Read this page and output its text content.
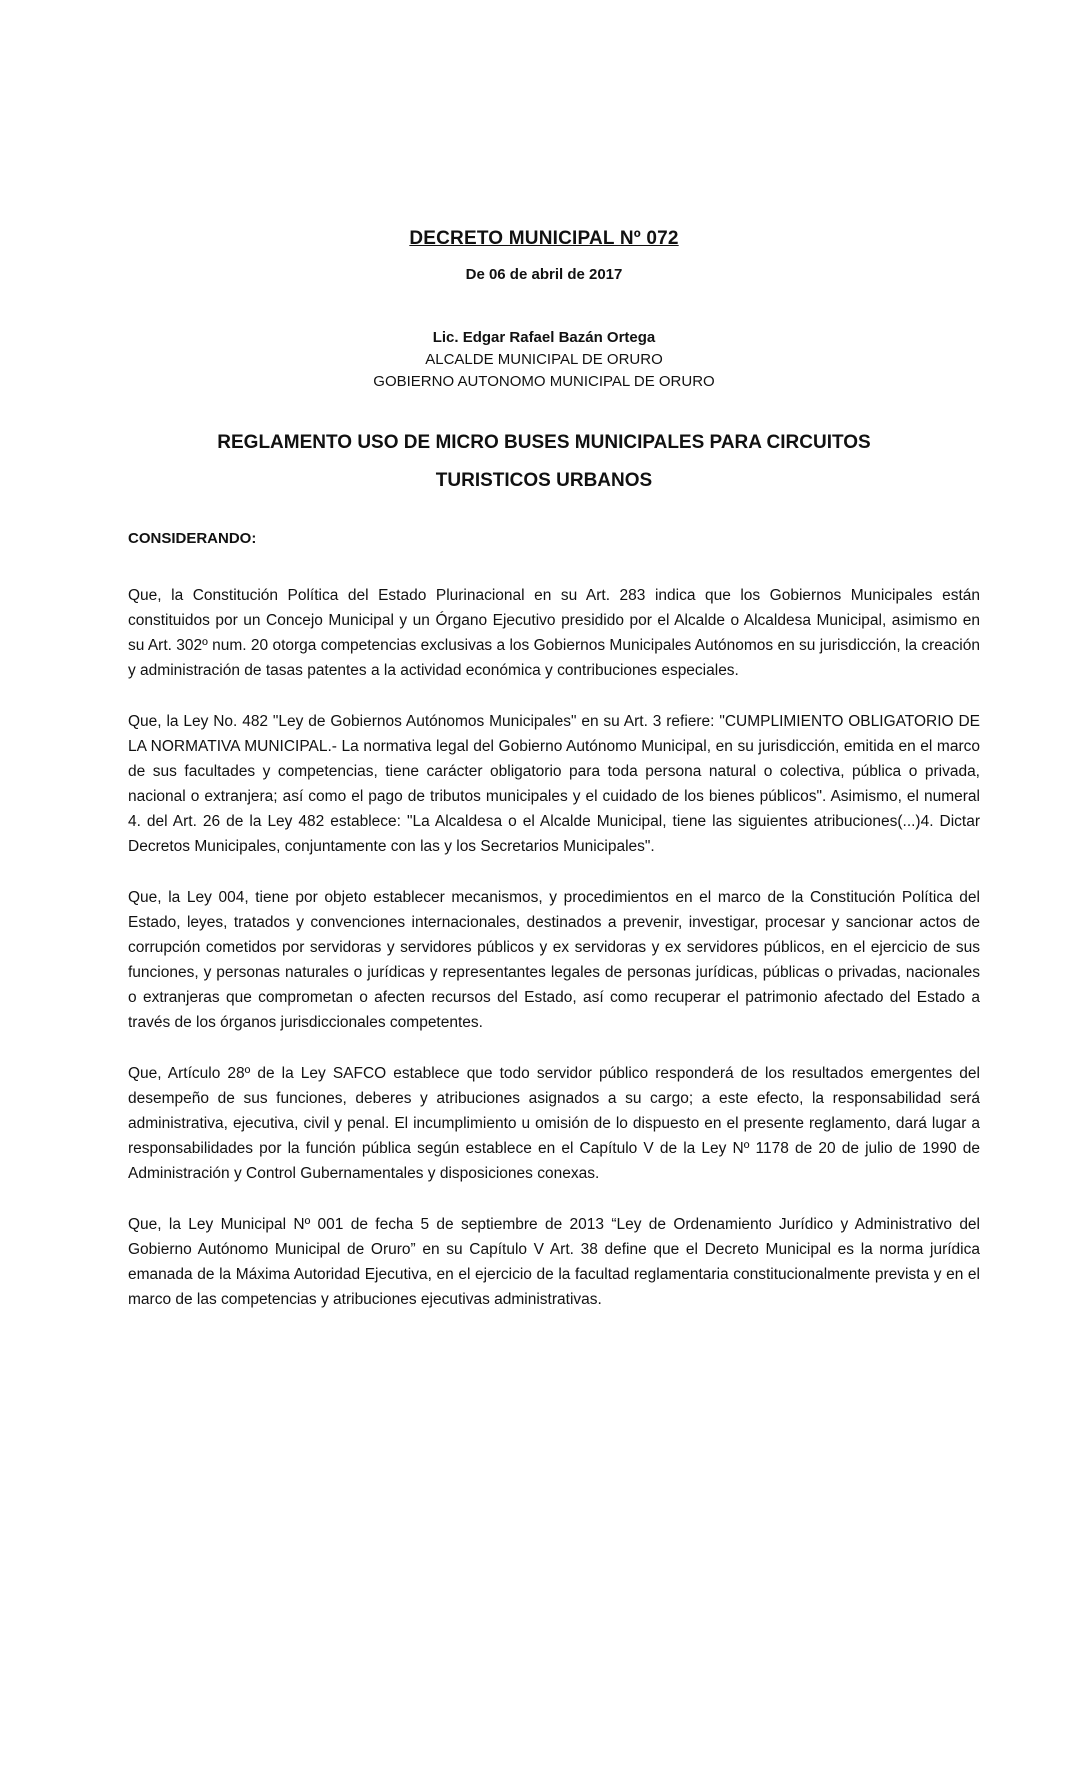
DECRETO MUNICIPAL Nº 072
De 06 de abril de 2017
Lic. Edgar Rafael Bazán Ortega
ALCALDE MUNICIPAL DE ORURO
GOBIERNO AUTONOMO MUNICIPAL DE ORURO
REGLAMENTO USO DE MICRO BUSES MUNICIPALES PARA CIRCUITOS
TURISTICOS URBANOS
CONSIDERANDO:

Que, la Constitución Política del Estado Plurinacional en su Art. 283 indica que los Gobiernos Municipales están constituidos por un Concejo Municipal y un Órgano Ejecutivo presidido por el Alcalde o Alcaldesa Municipal, asimismo en su Art. 302º num. 20 otorga competencias exclusivas a los Gobiernos Municipales Autónomos en su jurisdicción, la creación y administración de tasas patentes a la actividad económica y contribuciones especiales.

Que, la Ley No. 482 "Ley de Gobiernos Autónomos Municipales" en su Art. 3 refiere: "CUMPLIMIENTO OBLIGATORIO DE LA NORMATIVA MUNICIPAL.- La normativa legal del Gobierno Autónomo Municipal, en su jurisdicción, emitida en el marco de sus facultades y competencias, tiene carácter obligatorio para toda persona natural o colectiva, pública o privada, nacional o extranjera; así como el pago de tributos municipales y el cuidado de los bienes públicos". Asimismo, el numeral 4. del Art. 26 de la Ley 482 establece: "La Alcaldesa o el Alcalde Municipal, tiene las siguientes atribuciones(...)4. Dictar Decretos Municipales, conjuntamente con las y los Secretarios Municipales".

Que, la Ley 004, tiene por objeto establecer mecanismos, y procedimientos en el marco de la Constitución Política del Estado, leyes, tratados y convenciones internacionales, destinados a prevenir, investigar, procesar y sancionar actos de corrupción cometidos por servidoras y servidores públicos y ex servidoras y ex servidores públicos, en el ejercicio de sus funciones, y personas naturales o jurídicas y representantes legales de personas jurídicas, públicas o privadas, nacionales o extranjeras que comprometan o afecten recursos del Estado, así como recuperar el patrimonio afectado del Estado a través de los órganos jurisdiccionales competentes.

Que, Artículo 28º de la Ley SAFCO establece que todo servidor público responderá de los resultados emergentes del desempeño de sus funciones, deberes y atribuciones asignados a su cargo; a este efecto, la responsabilidad será administrativa, ejecutiva, civil y penal. El incumplimiento u omisión de lo dispuesto en el presente reglamento, dará lugar a responsabilidades por la función pública según establece en el Capítulo V de la Ley Nº 1178 de 20 de julio de 1990 de Administración y Control Gubernamentales y disposiciones conexas.

Que, la Ley Municipal Nº 001 de fecha 5 de septiembre de 2013 “Ley de Ordenamiento Jurídico y Administrativo del Gobierno Autónomo Municipal de Oruro” en su Capítulo V Art. 38 define que el Decreto Municipal es la norma jurídica emanada de la Máxima Autoridad Ejecutiva, en el ejercicio de la facultad reglamentaria constitucionalmente prevista y en el marco de las competencias y atribuciones ejecutivas administrativas.
